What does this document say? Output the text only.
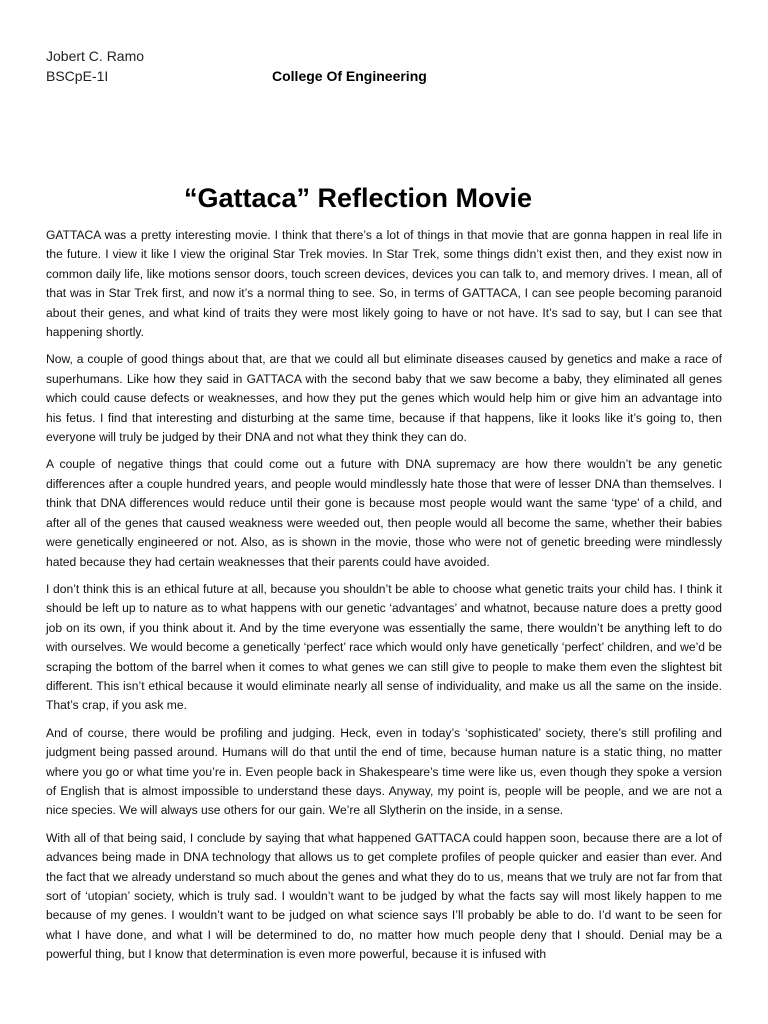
Jobert C. Ramo
BSCpE-1I	College Of Engineering
“Gattaca” Reflection Movie

GATTACA was a pretty interesting movie. I think that there’s a lot of things in that movie that are gonna happen in real life in the future. I view it like I view the original Star Trek movies. In Star Trek, some things didn’t exist then, and they exist now in common daily life, like motions sensor doors, touch screen devices, devices you can talk to, and memory drives. I mean, all of that was in Star Trek first, and now it’s a normal thing to see. So, in terms of GATTACA, I can see people becoming paranoid about their genes, and what kind of traits they were most likely going to have or not have. It’s sad to say, but I can see that happening shortly.

Now, a couple of good things about that, are that we could all but eliminate diseases caused by genetics and make a race of superhumans. Like how they said in GATTACA with the second baby that we saw become a baby, they eliminated all genes which could cause defects or weaknesses, and how they put the genes which would help him or give him an advantage into his fetus. I find that interesting and disturbing at the same time, because if that happens, like it looks like it’s going to, then everyone will truly be judged by their DNA and not what they think they can do.

A couple of negative things that could come out a future with DNA supremacy are how there wouldn’t be any genetic differences after a couple hundred years, and people would mindlessly hate those that were of lesser DNA than themselves. I think that DNA differences would reduce until their gone is because most people would want the same ‘type’ of a child, and after all of the genes that caused weakness were weeded out, then people would all become the same, whether their babies were genetically engineered or not. Also, as is shown in the movie, those who were not of genetic breeding were mindlessly hated because they had certain weaknesses that their parents could have avoided.

I don’t think this is an ethical future at all, because you shouldn’t be able to choose what genetic traits your child has. I think it should be left up to nature as to what happens with our genetic ‘advantages’ and whatnot, because nature does a pretty good job on its own, if you think about it. And by the time everyone was essentially the same, there wouldn’t be anything left to do with ourselves. We would become a genetically ‘perfect’ race which would only have genetically ‘perfect’ children, and we’d be scraping the bottom of the barrel when it comes to what genes we can still give to people to make them even the slightest bit different. This isn’t ethical because it would eliminate nearly all sense of individuality, and make us all the same on the inside. That’s crap, if you ask me.

And of course, there would be profiling and judging. Heck, even in today’s ‘sophisticated’ society, there’s still profiling and judgment being passed around. Humans will do that until the end of time, because human nature is a static thing, no matter where you go or what time you’re in. Even people back in Shakespeare’s time were like us, even though they spoke a version of English that is almost impossible to understand these days. Anyway, my point is, people will be people, and we are not a nice species. We will always use others for our gain. We’re all Slytherin on the inside, in a sense.

With all of that being said, I conclude by saying that what happened GATTACA could happen soon, because there are a lot of advances being made in DNA technology that allows us to get complete profiles of people quicker and easier than ever. And the fact that we already understand so much about the genes and what they do to us, means that we truly are not far from that sort of ‘utopian’ society, which is truly sad. I wouldn’t want to be judged by what the facts say will most likely happen to me because of my genes. I wouldn’t want to be judged on what science says I’ll probably be able to do. I’d want to be seen for what I have done, and what I will be determined to do, no matter how much people deny that I should. Denial may be a powerful thing, but I know that determination is even more powerful, because it is infused with
